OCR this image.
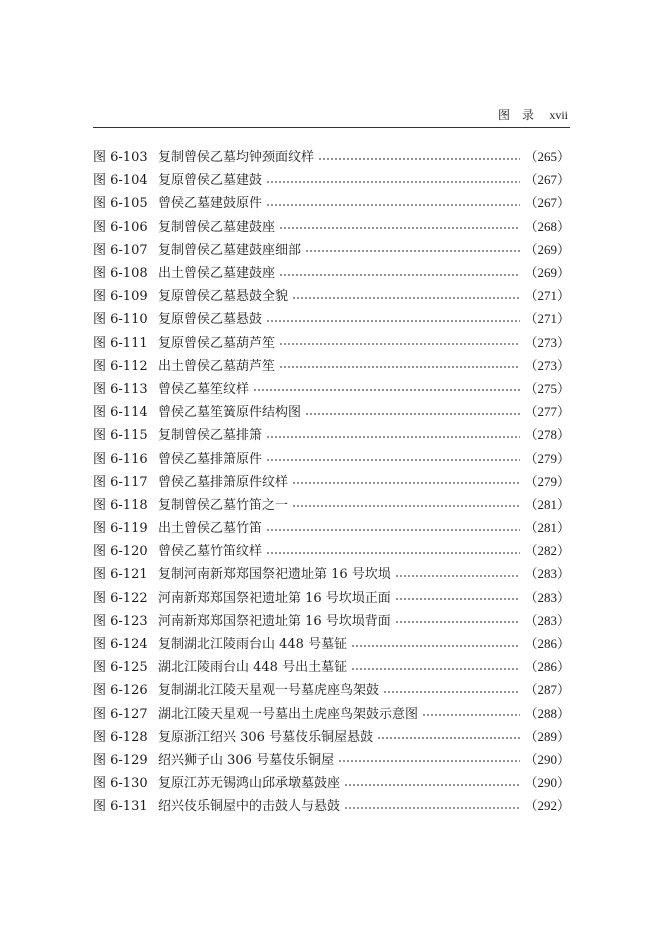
图　录 xvii
图 6-103 复制曾侯乙墓均钟颈面纹样	（265）
图 6-104 复原曾侯乙墓建鼓	（267）
图 6-105 曾侯乙墓建鼓原件	（267）
图 6-106 复制曾侯乙墓建鼓座	（268）
图 6-107 复制曾侯乙墓建鼓座细部	（269）
图 6-108 出土曾侯乙墓建鼓座	（269）
图 6-109 复原曾侯乙墓悬鼓全貌	（271）
图 6-110 复原曾侯乙墓悬鼓	（271）
图 6-111 复原曾侯乙墓葫芦笙	（273）
图 6-112 出土曾侯乙墓葫芦笙	（273）
图 6-113 曾侯乙墓笙纹样	（275）
图 6-114 曾侯乙墓笙簧原件结构图	（277）
图 6-115 复制曾侯乙墓排箫	（278）
图 6-116 曾侯乙墓排箫原件	（279）
图 6-117 曾侯乙墓排箫原件纹样	（279）
图 6-118 复制曾侯乙墓竹笛之一	（281）
图 6-119 出土曾侯乙墓竹笛	（281）
图 6-120 曾侯乙墓竹笛纹样	（282）
图 6-121 复制河南新郑郑国祭祀遗址第 16 号坎埙	（283）
图 6-122 河南新郑郑国祭祀遗址第 16 号坎埙正面	（283）
图 6-123 河南新郑郑国祭祀遗址第 16 号坎埙背面	（283）
图 6-124 复制湖北江陵雨台山 448 号墓钲	（286）
图 6-125 湖北江陵雨台山 448 号出土墓钲	（286）
图 6-126 复制湖北江陵天星观一号墓虎座鸟架鼓	（287）
图 6-127 湖北江陵天星观一号墓出土虎座鸟架鼓示意图	（288）
图 6-128 复原浙江绍兴 306 号墓伎乐铜屋悬鼓	（289）
图 6-129 绍兴狮子山 306 号墓伎乐铜屋	（290）
图 6-130 复原江苏无锡鸿山邱承墩墓鼓座	（290）
图 6-131 绍兴伎乐铜屋中的击鼓人与悬鼓	（292）
